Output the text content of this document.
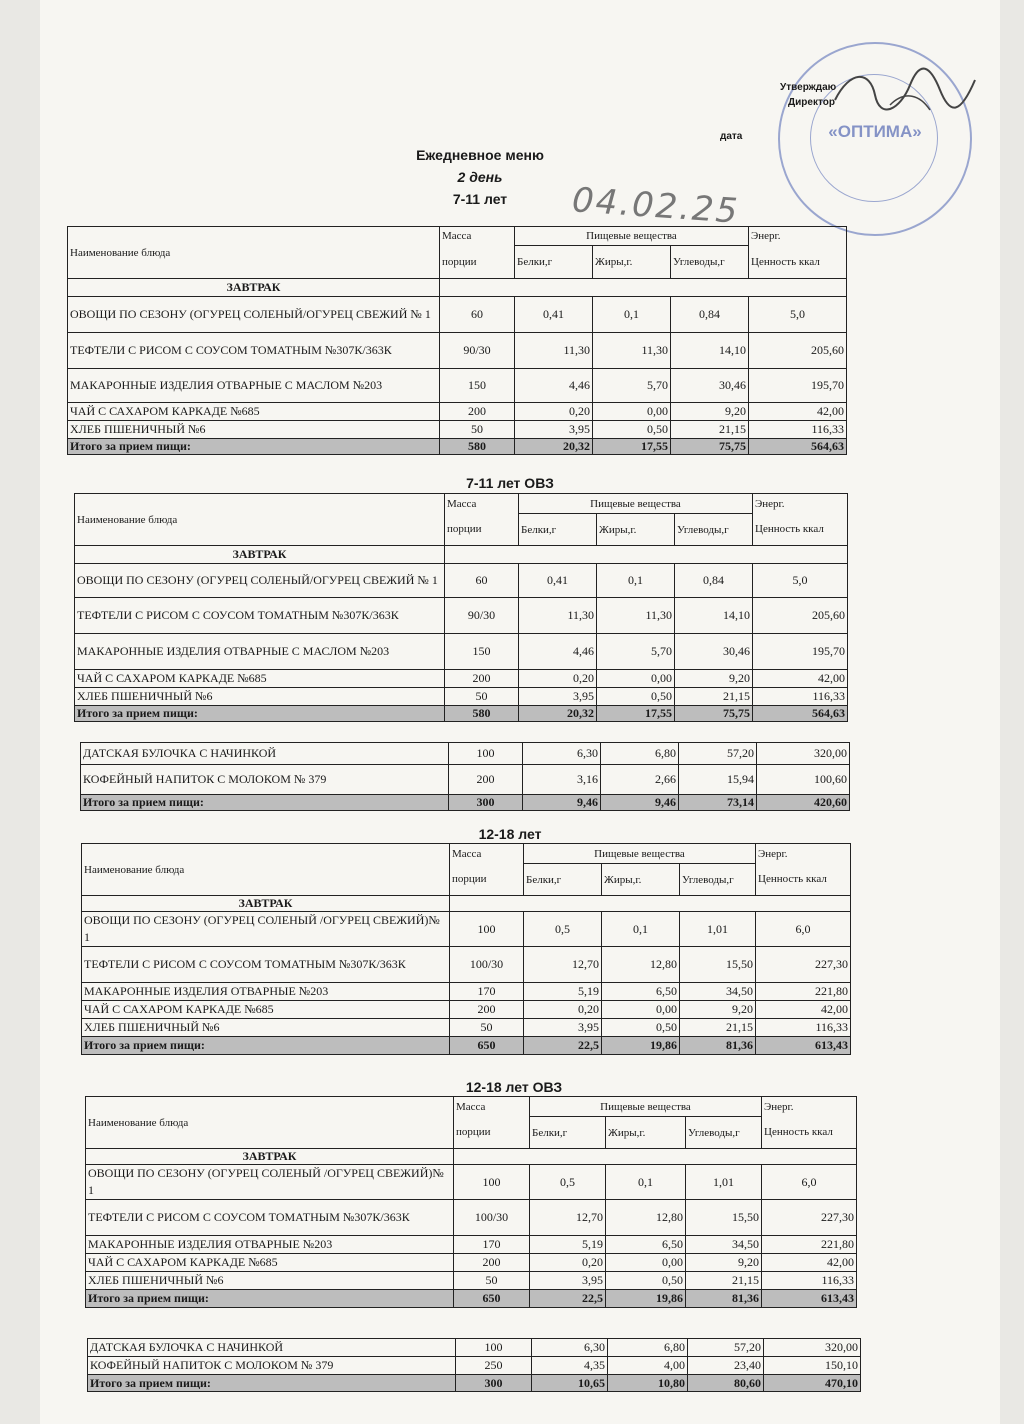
«ОПТИМА»
Утверждаю
Директор
дата
Ежедневное меню
2 день
7-11 лет	04.02.25
Наименование блюда	Масса	Пищевые вещества			Энерг.
	порции	Белки,г	Жиры,г.	Углеводы,г	Ценность ккал
ЗАВТРАК					
ОВОЩИ ПО СЕЗОНУ (ОГУРЕЦ СОЛЕНЫЙ/ОГУРЕЦ СВЕЖИЙ № 1	60	0,41	0,1	0,84	5,0
ТЕФТЕЛИ С РИСОМ С СОУСОМ ТОМАТНЫМ №307К/363К	90/30	11,30	11,30	14,10	205,60
МАКАРОННЫЕ ИЗДЕЛИЯ ОТВАРНЫЕ С МАСЛОМ №203	150	4,46	5,70	30,46	195,70
ЧАЙ С САХАРОМ КАРКАДЕ №685	200	0,20	0,00	9,20	42,00
ХЛЕБ ПШЕНИЧНЫЙ №6	50	3,95	0,50	21,15	116,33
Итого за прием пищи:	580	20,32	17,55	75,75	564,63
7-11 лет ОВЗ
Наименование блюда	Масса	Пищевые вещества			Энерг.
	порции	Белки,г	Жиры,г.	Углеводы,г	Ценность ккал
ЗАВТРАК					
ОВОЩИ ПО СЕЗОНУ (ОГУРЕЦ СОЛЕНЫЙ/ОГУРЕЦ СВЕЖИЙ № 1	60	0,41	0,1	0,84	5,0
ТЕФТЕЛИ С РИСОМ С СОУСОМ ТОМАТНЫМ №307К/363К	90/30	11,30	11,30	14,10	205,60
МАКАРОННЫЕ ИЗДЕЛИЯ ОТВАРНЫЕ С МАСЛОМ №203	150	4,46	5,70	30,46	195,70
ЧАЙ С САХАРОМ КАРКАДЕ №685	200	0,20	0,00	9,20	42,00
ХЛЕБ ПШЕНИЧНЫЙ №6	50	3,95	0,50	21,15	116,33
Итого за прием пищи:	580	20,32	17,55	75,75	564,63
ДАТСКАЯ БУЛОЧКА С НАЧИНКОЙ	100	6,30	6,80	57,20	320,00
КОФЕЙНЫЙ НАПИТОК С МОЛОКОМ № 379	200	3,16	2,66	15,94	100,60
Итого за прием пищи:	300	9,46	9,46	73,14	420,60
12-18 лет
Наименование блюда	Масса	Пищевые вещества			Энерг.
	порции	Белки,г	Жиры,г.	Углеводы,г	Ценность ккал
ЗАВТРАК					
ОВОЩИ ПО СЕЗОНУ (ОГУРЕЦ СОЛЕНЫЙ /ОГУРЕЦ СВЕЖИЙ)№ 1	100	0,5	0,1	1,01	6,0
ТЕФТЕЛИ С РИСОМ С СОУСОМ ТОМАТНЫМ №307К/363К	100/30	12,70	12,80	15,50	227,30
МАКАРОННЫЕ ИЗДЕЛИЯ ОТВАРНЫЕ №203	170	5,19	6,50	34,50	221,80
ЧАЙ С САХАРОМ КАРКАДЕ №685	200	0,20	0,00	9,20	42,00
ХЛЕБ ПШЕНИЧНЫЙ №6	50	3,95	0,50	21,15	116,33
Итого за прием пищи:	650	22,5	19,86	81,36	613,43
12-18 лет ОВЗ
Наименование блюда	Масса	Пищевые вещества			Энерг.
	порции	Белки,г	Жиры,г.	Углеводы,г	Ценность ккал
ЗАВТРАК					
ОВОЩИ ПО СЕЗОНУ (ОГУРЕЦ СОЛЕНЫЙ /ОГУРЕЦ СВЕЖИЙ)№ 1	100	0,5	0,1	1,01	6,0
ТЕФТЕЛИ С РИСОМ С СОУСОМ ТОМАТНЫМ №307К/363К	100/30	12,70	12,80	15,50	227,30
МАКАРОННЫЕ ИЗДЕЛИЯ ОТВАРНЫЕ №203	170	5,19	6,50	34,50	221,80
ЧАЙ С САХАРОМ КАРКАДЕ №685	200	0,20	0,00	9,20	42,00
ХЛЕБ ПШЕНИЧНЫЙ №6	50	3,95	0,50	21,15	116,33
Итого за прием пищи:	650	22,5	19,86	81,36	613,43
ДАТСКАЯ БУЛОЧКА С НАЧИНКОЙ	100	6,30	6,80	57,20	320,00
КОФЕЙНЫЙ НАПИТОК С МОЛОКОМ № 379	250	4,35	4,00	23,40	150,10
Итого за прием пищи:	300	10,65	10,80	80,60	470,10
